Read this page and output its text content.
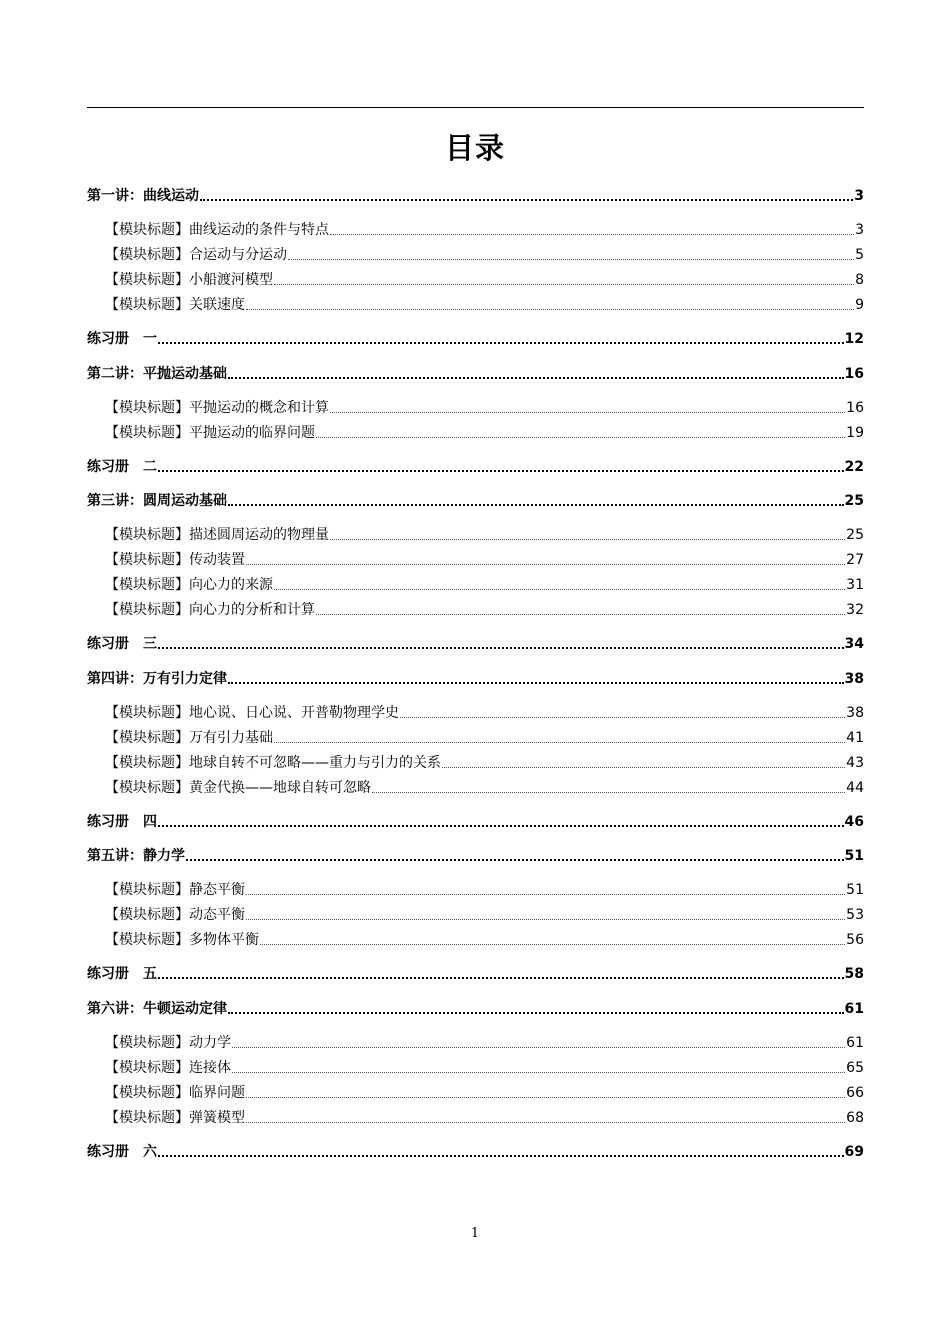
目录
第一讲：曲线运动	3
【模块标题】曲线运动的条件与特点	3
【模块标题】合运动与分运动	5
【模块标题】小船渡河模型	8
【模块标题】关联速度	9
练习册　一	12
第二讲：平抛运动基础	16
【模块标题】平抛运动的概念和计算	16
【模块标题】平抛运动的临界问题	19
练习册　二	22
第三讲：圆周运动基础	25
【模块标题】描述圆周运动的物理量	25
【模块标题】传动装置	27
【模块标题】向心力的来源	31
【模块标题】向心力的分析和计算	32
练习册　三	34
第四讲：万有引力定律	38
【模块标题】地心说、日心说、开普勒物理学史	38
【模块标题】万有引力基础	41
【模块标题】地球自转不可忽略——重力与引力的关系	43
【模块标题】黄金代换——地球自转可忽略	44
练习册　四	46
第五讲：静力学	51
【模块标题】静态平衡	51
【模块标题】动态平衡	53
【模块标题】多物体平衡	56
练习册　五	58
第六讲：牛顿运动定律	61
【模块标题】动力学	61
【模块标题】连接体	65
【模块标题】临界问题	66
【模块标题】弹簧模型	68
练习册　六	69
1
